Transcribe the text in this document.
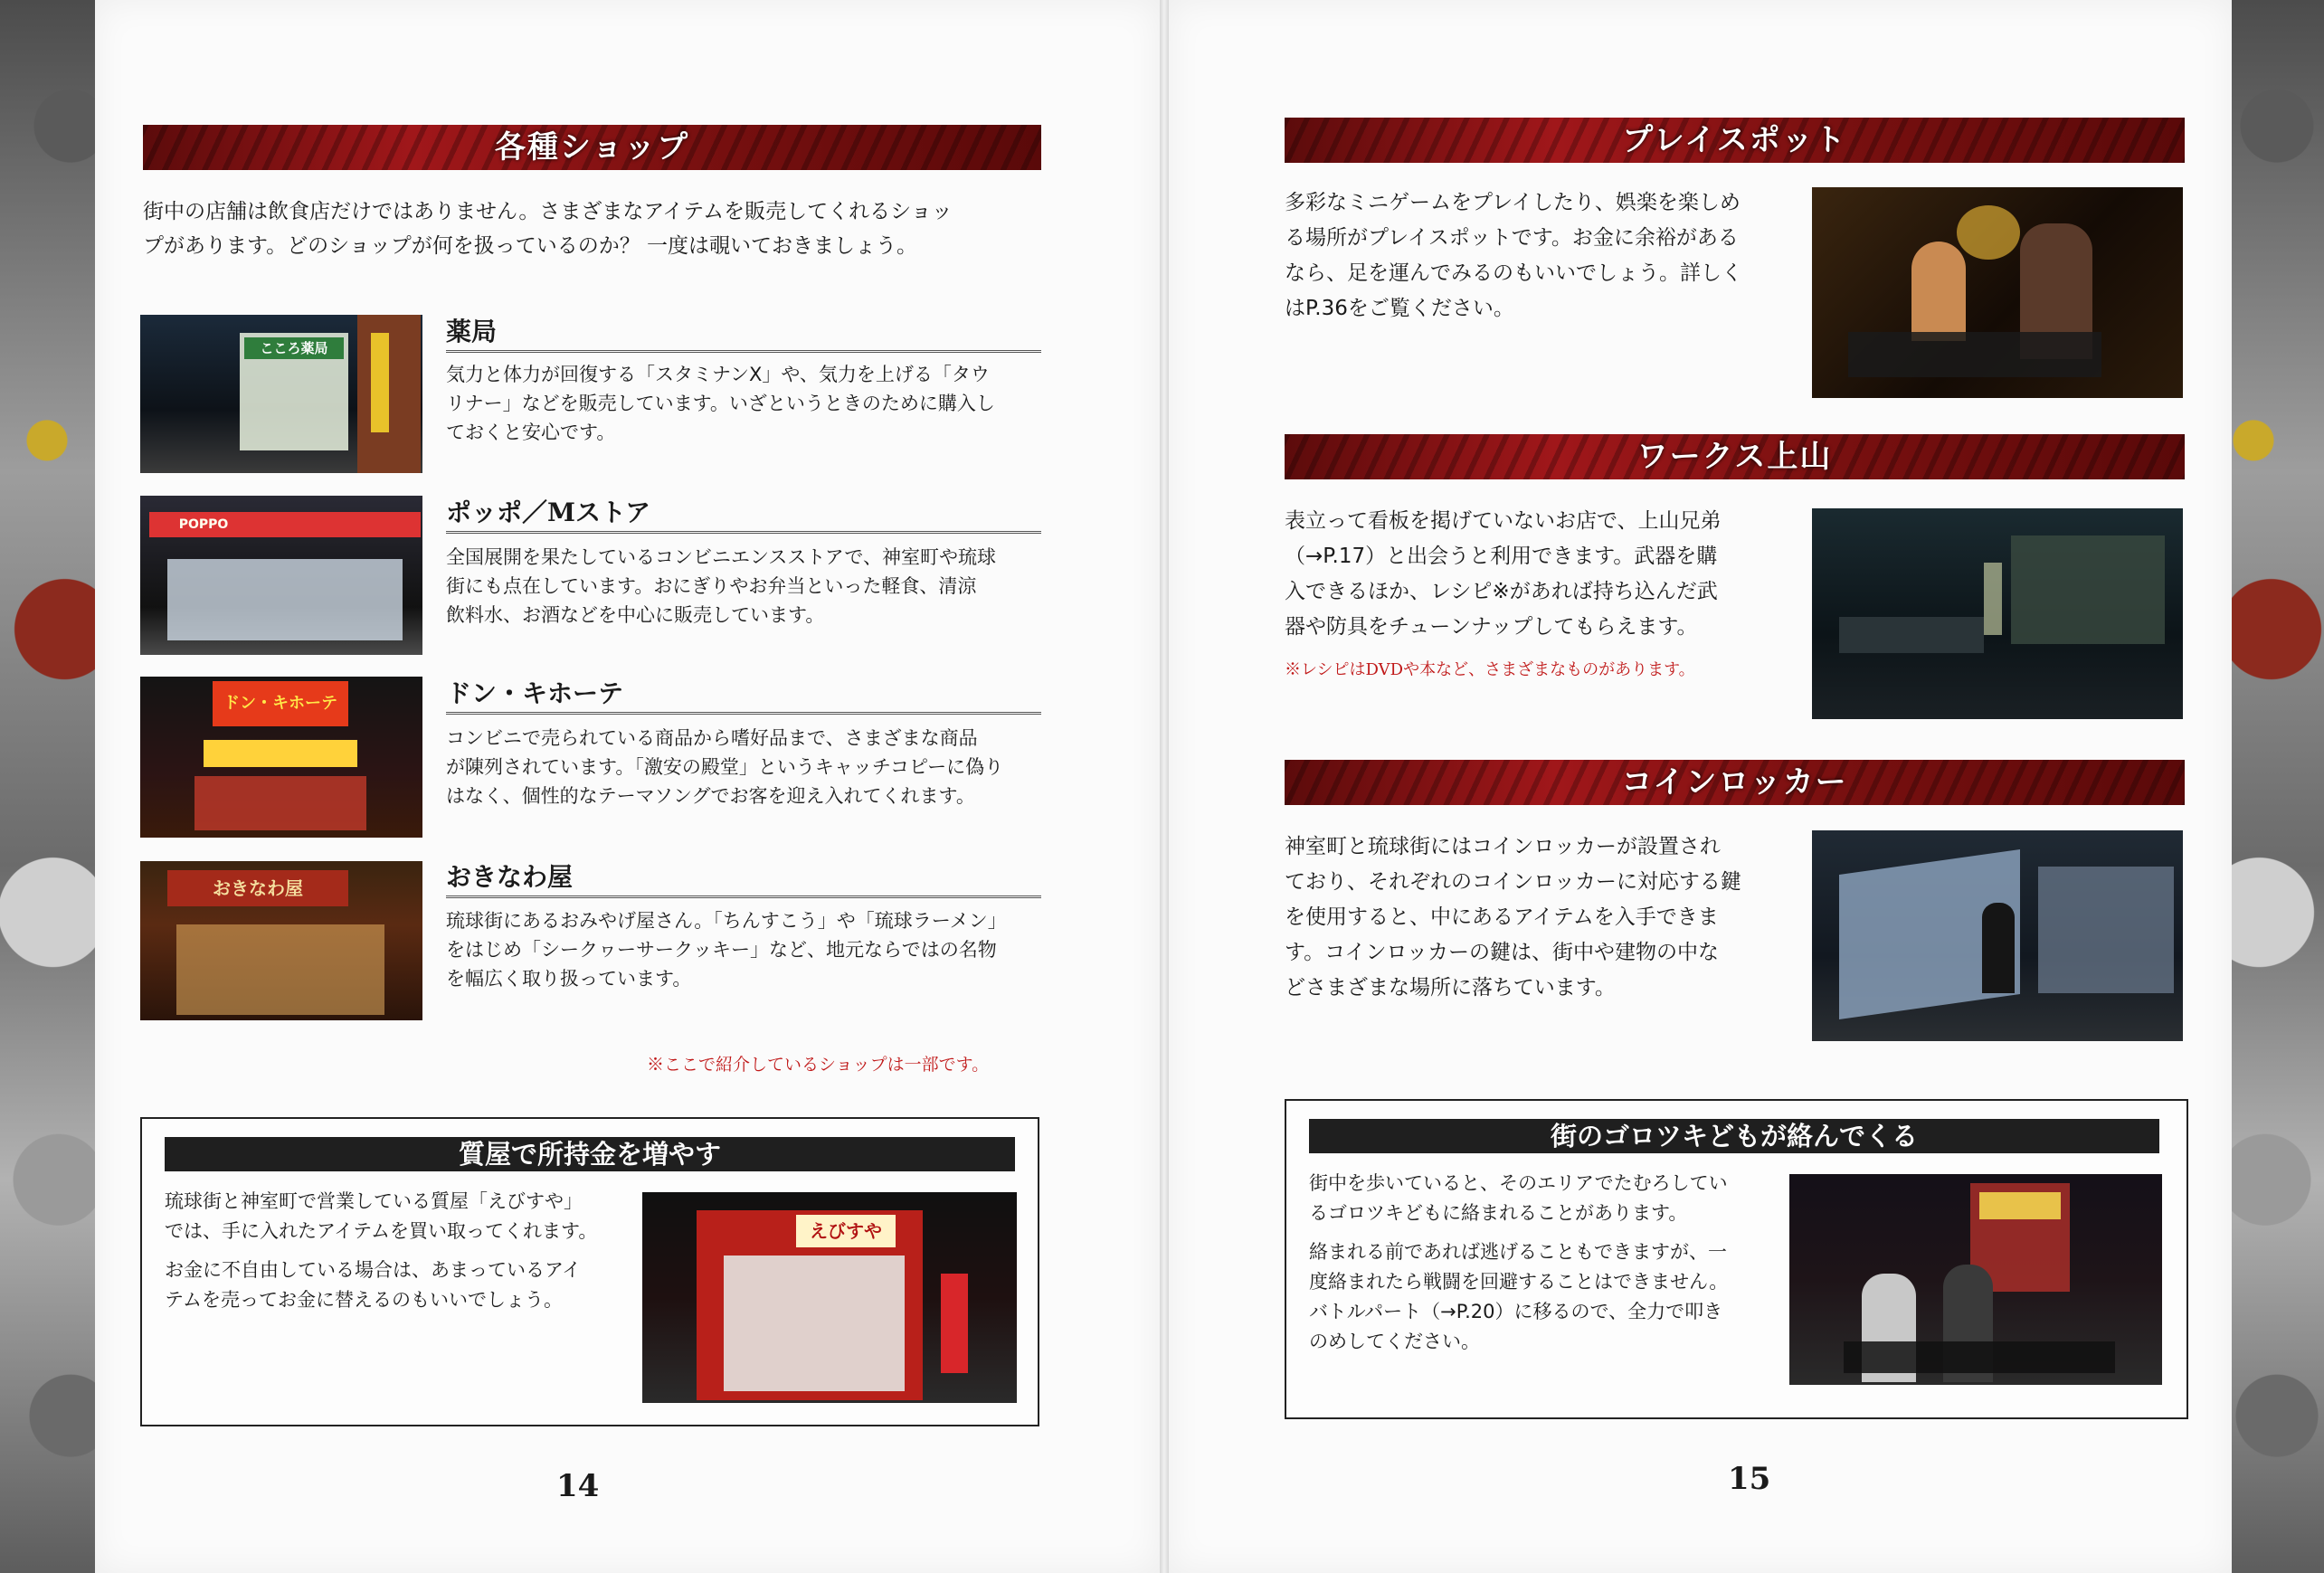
各種ショップ
街中の店舗は飲食店だけではありません。さまざまなアイテムを販売してくれるショッ
プがあります。どのショップが何を扱っているのか？ 一度は覗いておきましょう。
こころ薬局
薬局
気力と体力が回復する「スタミナンX」や、気力を上げる「タウ
リナー」などを販売しています。いざというときのために購入し
ておくと安心です。
POPPO	ポッポ／Mストア
全国展開を果たしているコンビニエンスストアで、神室町や琉球
街にも点在しています。おにぎりやお弁当といった軽食、清涼
飲料水、お酒などを中心に販売しています。
ドン・キホーテ	ドン・キホーテ
コンビニで売られている商品から嗜好品まで、さまざまな商品
が陳列されています。「激安の殿堂」というキャッチコピーに偽り
はなく、個性的なテーマソングでお客を迎え入れてくれます。
おきなわ屋	おきなわ屋
琉球街にあるおみやげ屋さん。「ちんすこう」や「琉球ラーメン」
をはじめ「シークヮーサークッキー」など、地元ならではの名物
を幅広く取り扱っています。
※ここで紹介しているショップは一部です。
質屋で所持金を増やす
琉球街と神室町で営業している質屋「えびすや」
では、手に入れたアイテムを買い取ってくれます。
お金に不自由している場合は、あまっているアイ
テムを売ってお金に替えるのもいいでしょう。
えびすや
14
プレイスポット
多彩なミニゲームをプレイしたり、娯楽を楽しめ
る場所がプレイスポットです。お金に余裕がある
なら、足を運んでみるのもいいでしょう。詳しく
はP.36をご覧ください。
ワークス上山
表立って看板を掲げていないお店で、上山兄弟
（→P.17）と出会うと利用できます。武器を購
入できるほか、レシピ※があれば持ち込んだ武
器や防具をチューンナップしてもらえます。
※レシピはDVDや本など、さまざまなものがあります。
コインロッカー
神室町と琉球街にはコインロッカーが設置され
ており、それぞれのコインロッカーに対応する鍵
を使用すると、中にあるアイテムを入手できま
す。コインロッカーの鍵は、街中や建物の中な
どさまざまな場所に落ちています。
街のゴロツキどもが絡んでくる
街中を歩いていると、そのエリアでたむろしてい
るゴロツキどもに絡まれることがあります。
絡まれる前であれば逃げることもできますが、一
度絡まれたら戦闘を回避することはできません。
バトルパート（→P.20）に移るので、全力で叩き
のめしてください。
15
